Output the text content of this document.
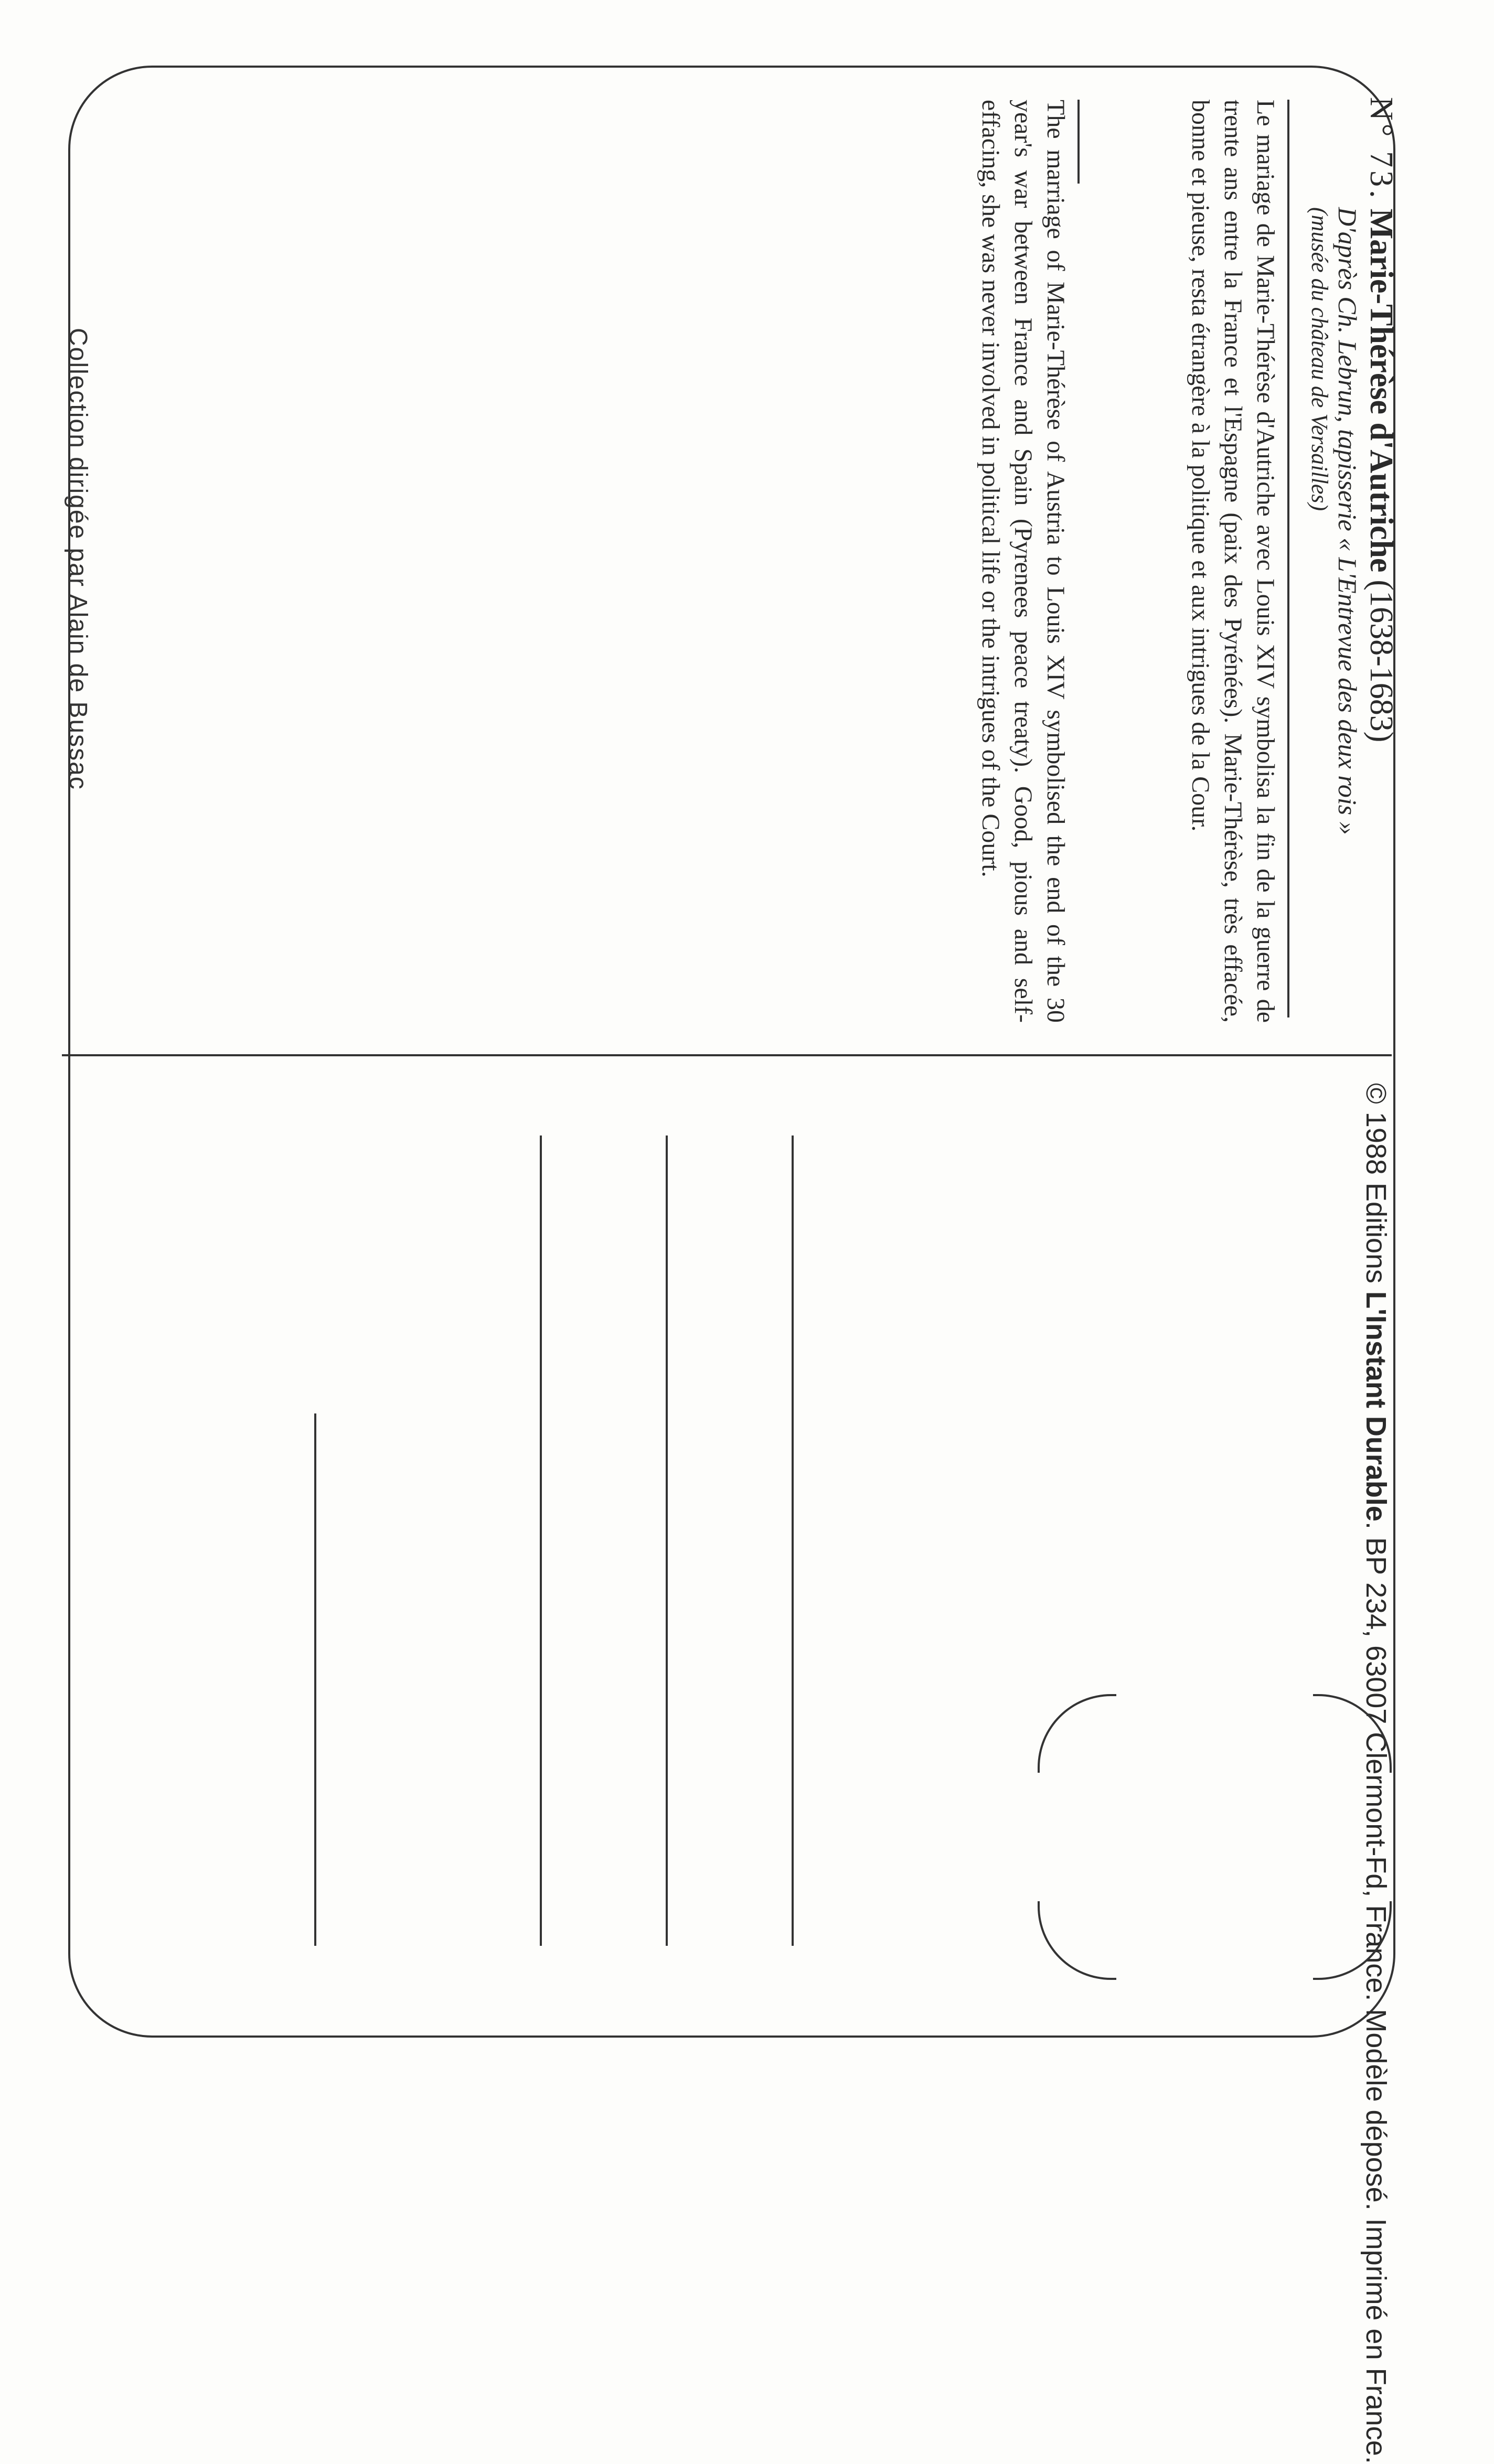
N° 73.Marie-Thérèse d'Autriche(1638-1683)
D'après Ch. Lebrun, tapisserie « L'Entrevue des deux rois »
(musée du château de Versailles)
Le mariage de Marie-Thérèse d'Autriche avec Louis XIV symbolisa la fin de la guerre de trente ans entre la France et l'Espagne (paix des Pyrénées). Marie-Thérèse, très effacée, bonne et pieuse, resta étrangère à la politique et aux intrigues de la Cour.
The marriage of Marie-Thérèse of Austria to Louis XIV symbolised the end of the 30 year's war between France and Spain (Pyrenees peace treaty). Good, pious and self-effacing, she was never involved in political life or the intrigues of the Court.
Collection dirigée par Alain de Bussac
© 1988 Editions L'Instant Durable. BP 234, 63007 Clermont-Fd, France. Modèle déposé. Imprimé en France.
